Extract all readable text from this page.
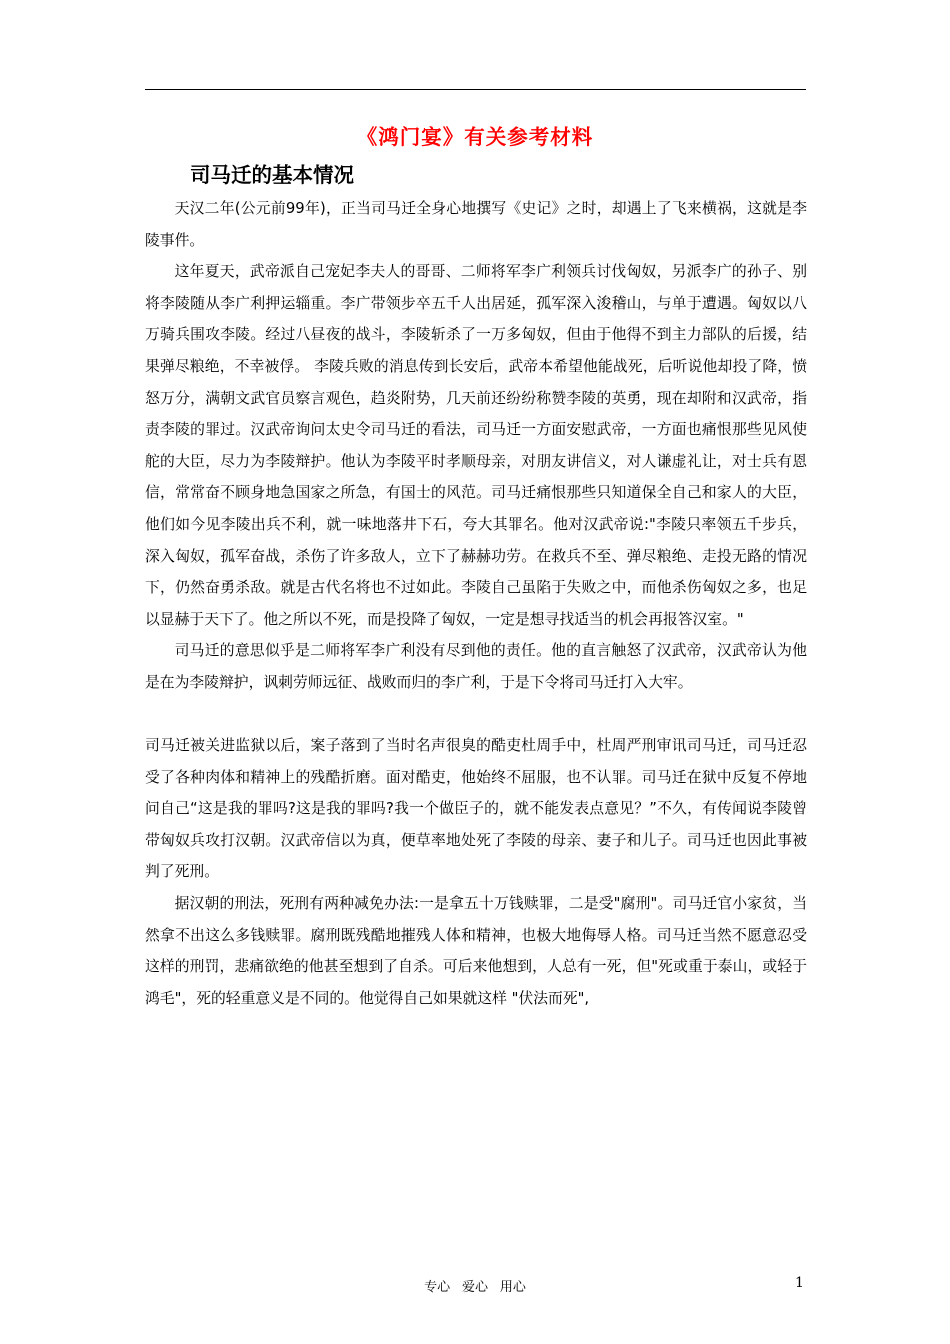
《鸿门宴》有关参考材料
司马迁的基本情况

天汉二年(公元前99年)，正当司马迁全身心地撰写《史记》之时，却遇上了飞来横祸，这就是李陵事件。

这年夏天，武帝派自己宠妃李夫人的哥哥、二师将军李广利领兵讨伐匈奴，另派李广的孙子、别将李陵随从李广利押运辎重。李广带领步卒五千人出居延，孤军深入浚稽山，与单于遭遇。匈奴以八万骑兵围攻李陵。经过八昼夜的战斗，李陵斩杀了一万多匈奴，但由于他得不到主力部队的后援，结果弹尽粮绝，不幸被俘。 李陵兵败的消息传到长安后，武帝本希望他能战死，后听说他却投了降，愤怒万分，满朝文武官员察言观色，趋炎附势，几天前还纷纷称赞李陵的英勇，现在却附和汉武帝，指责李陵的罪过。汉武帝询问太史令司马迁的看法，司马迁一方面安慰武帝，一方面也痛恨那些见风使舵的大臣，尽力为李陵辩护。他认为李陵平时孝顺母亲，对朋友讲信义，对人谦虚礼让，对士兵有恩信，常常奋不顾身地急国家之所急，有国士的风范。司马迁痛恨那些只知道保全自己和家人的大臣，他们如今见李陵出兵不利，就一味地落井下石，夸大其罪名。他对汉武帝说:"李陵只率领五千步兵，深入匈奴，孤军奋战，杀伤了许多敌人，立下了赫赫功劳。在救兵不至、弹尽粮绝、走投无路的情况下，仍然奋勇杀敌。就是古代名将也不过如此。李陵自己虽陷于失败之中，而他杀伤匈奴之多，也足以显赫于天下了。他之所以不死，而是投降了匈奴，一定是想寻找适当的机会再报答汉室。"

司马迁的意思似乎是二师将军李广利没有尽到他的责任。他的直言触怒了汉武帝，汉武帝认为他是在为李陵辩护，讽刺劳师远征、战败而归的李广利，于是下令将司马迁打入大牢。

司马迁被关进监狱以后，案子落到了当时名声很臭的酷吏杜周手中，杜周严刑审讯司马迁，司马迁忍受了各种肉体和精神上的残酷折磨。面对酷吏，他始终不屈服，也不认罪。司马迁在狱中反复不停地问自己“这是我的罪吗?这是我的罪吗?我一个做臣子的，就不能发表点意见？”不久，有传闻说李陵曾带匈奴兵攻打汉朝。汉武帝信以为真，便草率地处死了李陵的母亲、妻子和儿子。司马迁也因此事被判了死刑。

据汉朝的刑法，死刑有两种减免办法:一是拿五十万钱赎罪，二是受"腐刑"。司马迁官小家贫，当然拿不出这么多钱赎罪。腐刑既残酷地摧残人体和精神，也极大地侮辱人格。司马迁当然不愿意忍受这样的刑罚，悲痛欲绝的他甚至想到了自杀。可后来他想到，人总有一死，但"死或重于泰山，或轻于鸿毛"，死的轻重意义是不同的。他觉得自己如果就这样 "伏法而死",

专心 爱心 用心	1
